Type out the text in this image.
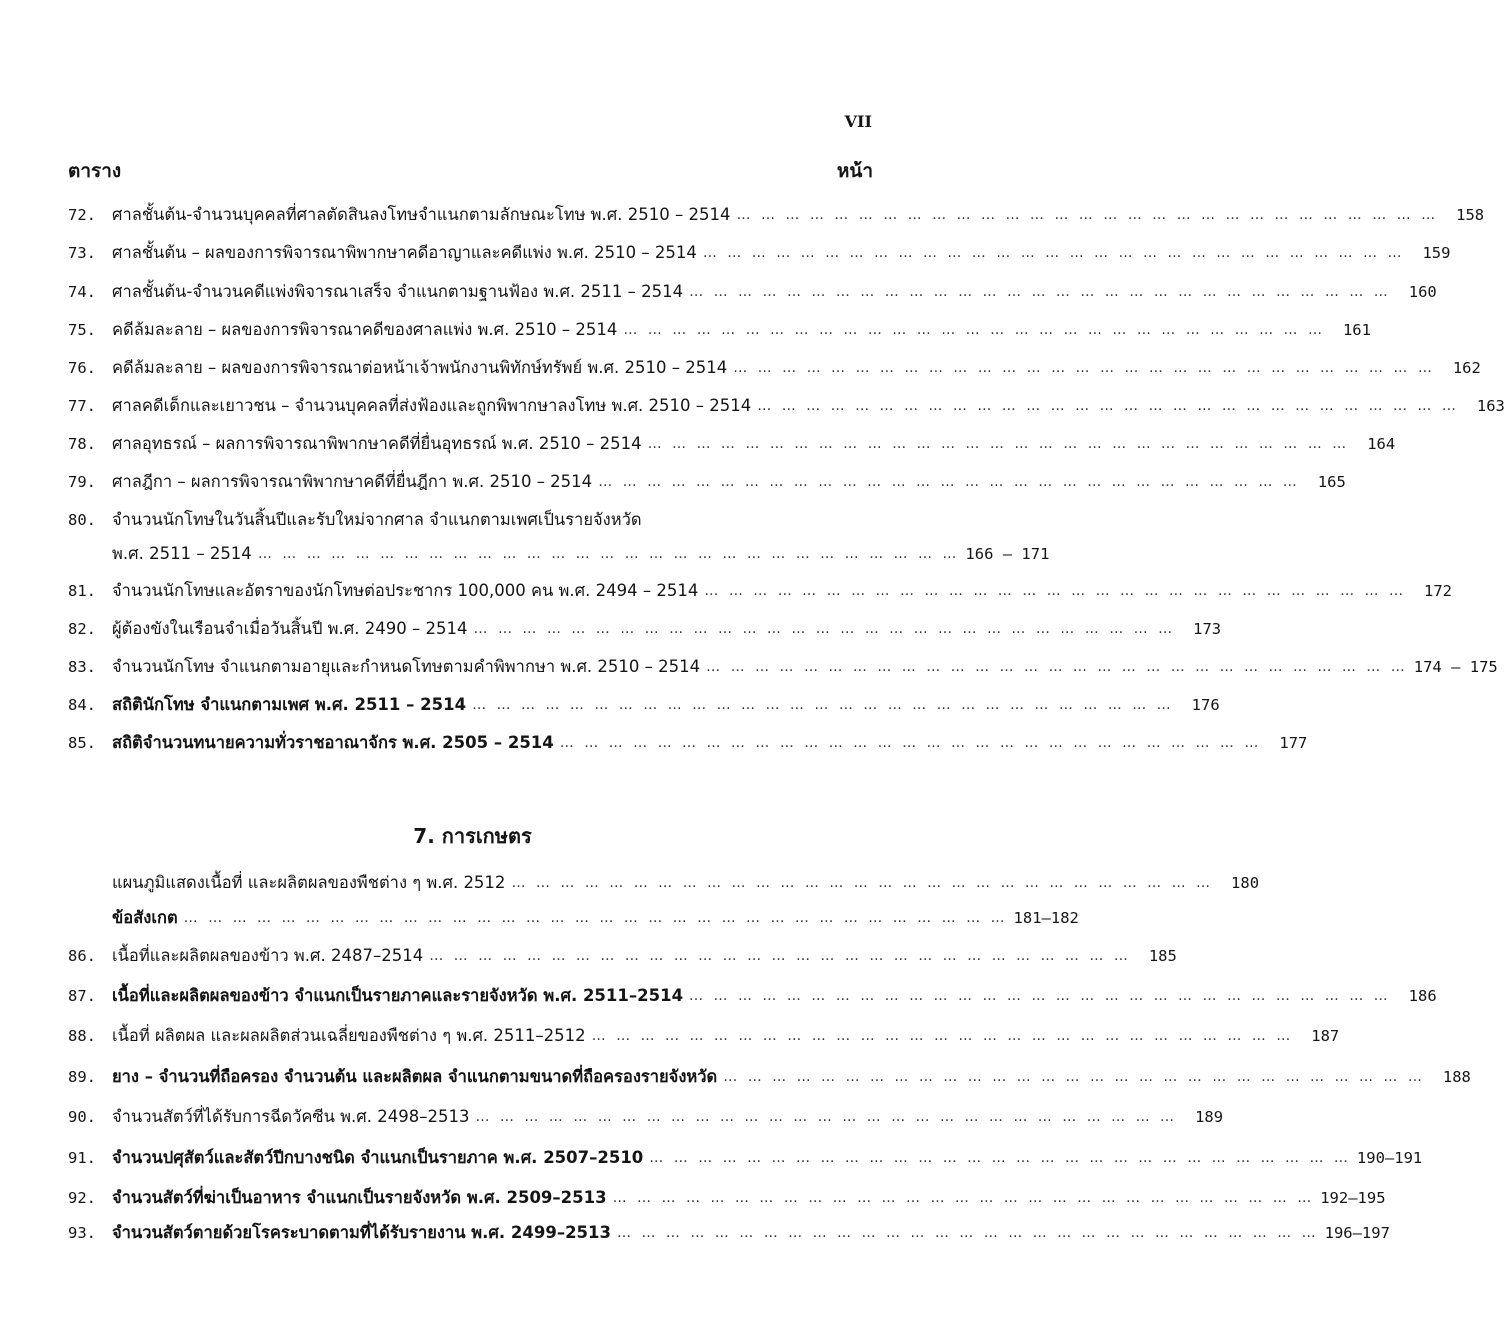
VII
ตาราง	หน้า
72. ศาลชั้นต้น-จำนวนบุคคลที่ศาลตัดสินลงโทษจำแนกตามลักษณะโทษ พ.ศ. 2510 – 2514 … … … … … … … … … … … … … … … … … … … … … … … … … … … … …	158
73. ศาลชั้นต้น – ผลของการพิจารณาพิพากษาคดีอาญาและคดีแพ่ง พ.ศ. 2510 – 2514 … … … … … … … … … … … … … … … … … … … … … … … … … … … … …	159
74. ศาลชั้นต้น-จำนวนคดีแพ่งพิจารณาเสร็จ จำแนกตามฐานฟ้อง พ.ศ. 2511 – 2514 … … … … … … … … … … … … … … … … … … … … … … … … … … … … …	160
75. คดีล้มละลาย – ผลของการพิจารณาคดีของศาลแพ่ง พ.ศ. 2510 – 2514 … … … … … … … … … … … … … … … … … … … … … … … … … … … … …	161
76. คดีล้มละลาย – ผลของการพิจารณาต่อหน้าเจ้าพนักงานพิทักษ์ทรัพย์ พ.ศ. 2510 – 2514 … … … … … … … … … … … … … … … … … … … … … … … … … … … … …	162
77. ศาลคดีเด็กและเยาวชน – จำนวนบุคคลที่ส่งฟ้องและถูกพิพากษาลงโทษ พ.ศ. 2510 – 2514 … … … … … … … … … … … … … … … … … … … … … … … … … … … … …	163
78. ศาลอุทธรณ์ – ผลการพิจารณาพิพากษาคดีที่ยื่นอุทธรณ์ พ.ศ. 2510 – 2514 … … … … … … … … … … … … … … … … … … … … … … … … … … … … …	164
79. ศาลฎีกา – ผลการพิจารณาพิพากษาคดีที่ยื่นฎีกา พ.ศ. 2510 – 2514 … … … … … … … … … … … … … … … … … … … … … … … … … … … … …	165
80. จำนวนนักโทษในวันสิ้นปีและรับใหม่จากศาล จำแนกตามเพศเป็นรายจังหวัด
พ.ศ. 2511 – 2514 … … … … … … … … … … … … … … … … … … … … … … … … … … … … … 166 – 171
81. จำนวนนักโทษและอัตราของนักโทษต่อประชากร 100,000 คน พ.ศ. 2494 – 2514 … … … … … … … … … … … … … … … … … … … … … … … … … … … … …	172
82. ผู้ต้องขังในเรือนจำเมื่อวันสิ้นปี พ.ศ. 2490 – 2514 … … … … … … … … … … … … … … … … … … … … … … … … … … … … …	173
83. จำนวนนักโทษ จำแนกตามอายุและกำหนดโทษตามคำพิพากษา พ.ศ. 2510 – 2514 … … … … … … … … … … … … … … … … … … … … … … … … … … … … … 174 – 175
84. สถิตินักโทษ จำแนกตามเพศ พ.ศ. 2511 – 2514 … … … … … … … … … … … … … … … … … … … … … … … … … … … … …	176
85. สถิติจำนวนทนายความทั่วราชอาณาจักร พ.ศ. 2505 – 2514 … … … … … … … … … … … … … … … … … … … … … … … … … … … … …	177
7. การเกษตร
แผนภูมิแสดงเนื้อที่ และผลิตผลของพืชต่าง ๆ พ.ศ. 2512 … … … … … … … … … … … … … … … … … … … … … … … … … … … … …	180
ข้อสังเกต … … … … … … … … … … … … … … … … … … … … … … … … … … … … … … … … … … 181–182
86. เนื้อที่และผลิตผลของข้าว พ.ศ. 2487–2514 … … … … … … … … … … … … … … … … … … … … … … … … … … … … …	185
87. เนื้อที่และผลิตผลของข้าว จำแนกเป็นรายภาคและรายจังหวัด พ.ศ. 2511–2514 … … … … … … … … … … … … … … … … … … … … … … … … … … … … …	186
88. เนื้อที่ ผลิตผล และผลผลิตส่วนเฉลี่ยของพืชต่าง ๆ พ.ศ. 2511–2512 … … … … … … … … … … … … … … … … … … … … … … … … … … … … …	187
89. ยาง – จำนวนที่ถือครอง จำนวนต้น และผลิตผล จำแนกตามขนาดที่ถือครองรายจังหวัด … … … … … … … … … … … … … … … … … … … … … … … … … … … … …	188
90. จำนวนสัตว์ที่ได้รับการฉีดวัคซีน พ.ศ. 2498–2513 … … … … … … … … … … … … … … … … … … … … … … … … … … … … …	189
91. จำนวนปศุสัตว์และสัตว์ปีกบางชนิด จำแนกเป็นรายภาค พ.ศ. 2507–2510 … … … … … … … … … … … … … … … … … … … … … … … … … … … … … 190–191
92. จำนวนสัตว์ที่ฆ่าเป็นอาหาร จำแนกเป็นรายจังหวัด พ.ศ. 2509–2513 … … … … … … … … … … … … … … … … … … … … … … … … … … … … … 192–195
93. จำนวนสัตว์ตายด้วยโรคระบาดตามที่ได้รับรายงาน พ.ศ. 2499–2513 … … … … … … … … … … … … … … … … … … … … … … … … … … … … … 196–197
